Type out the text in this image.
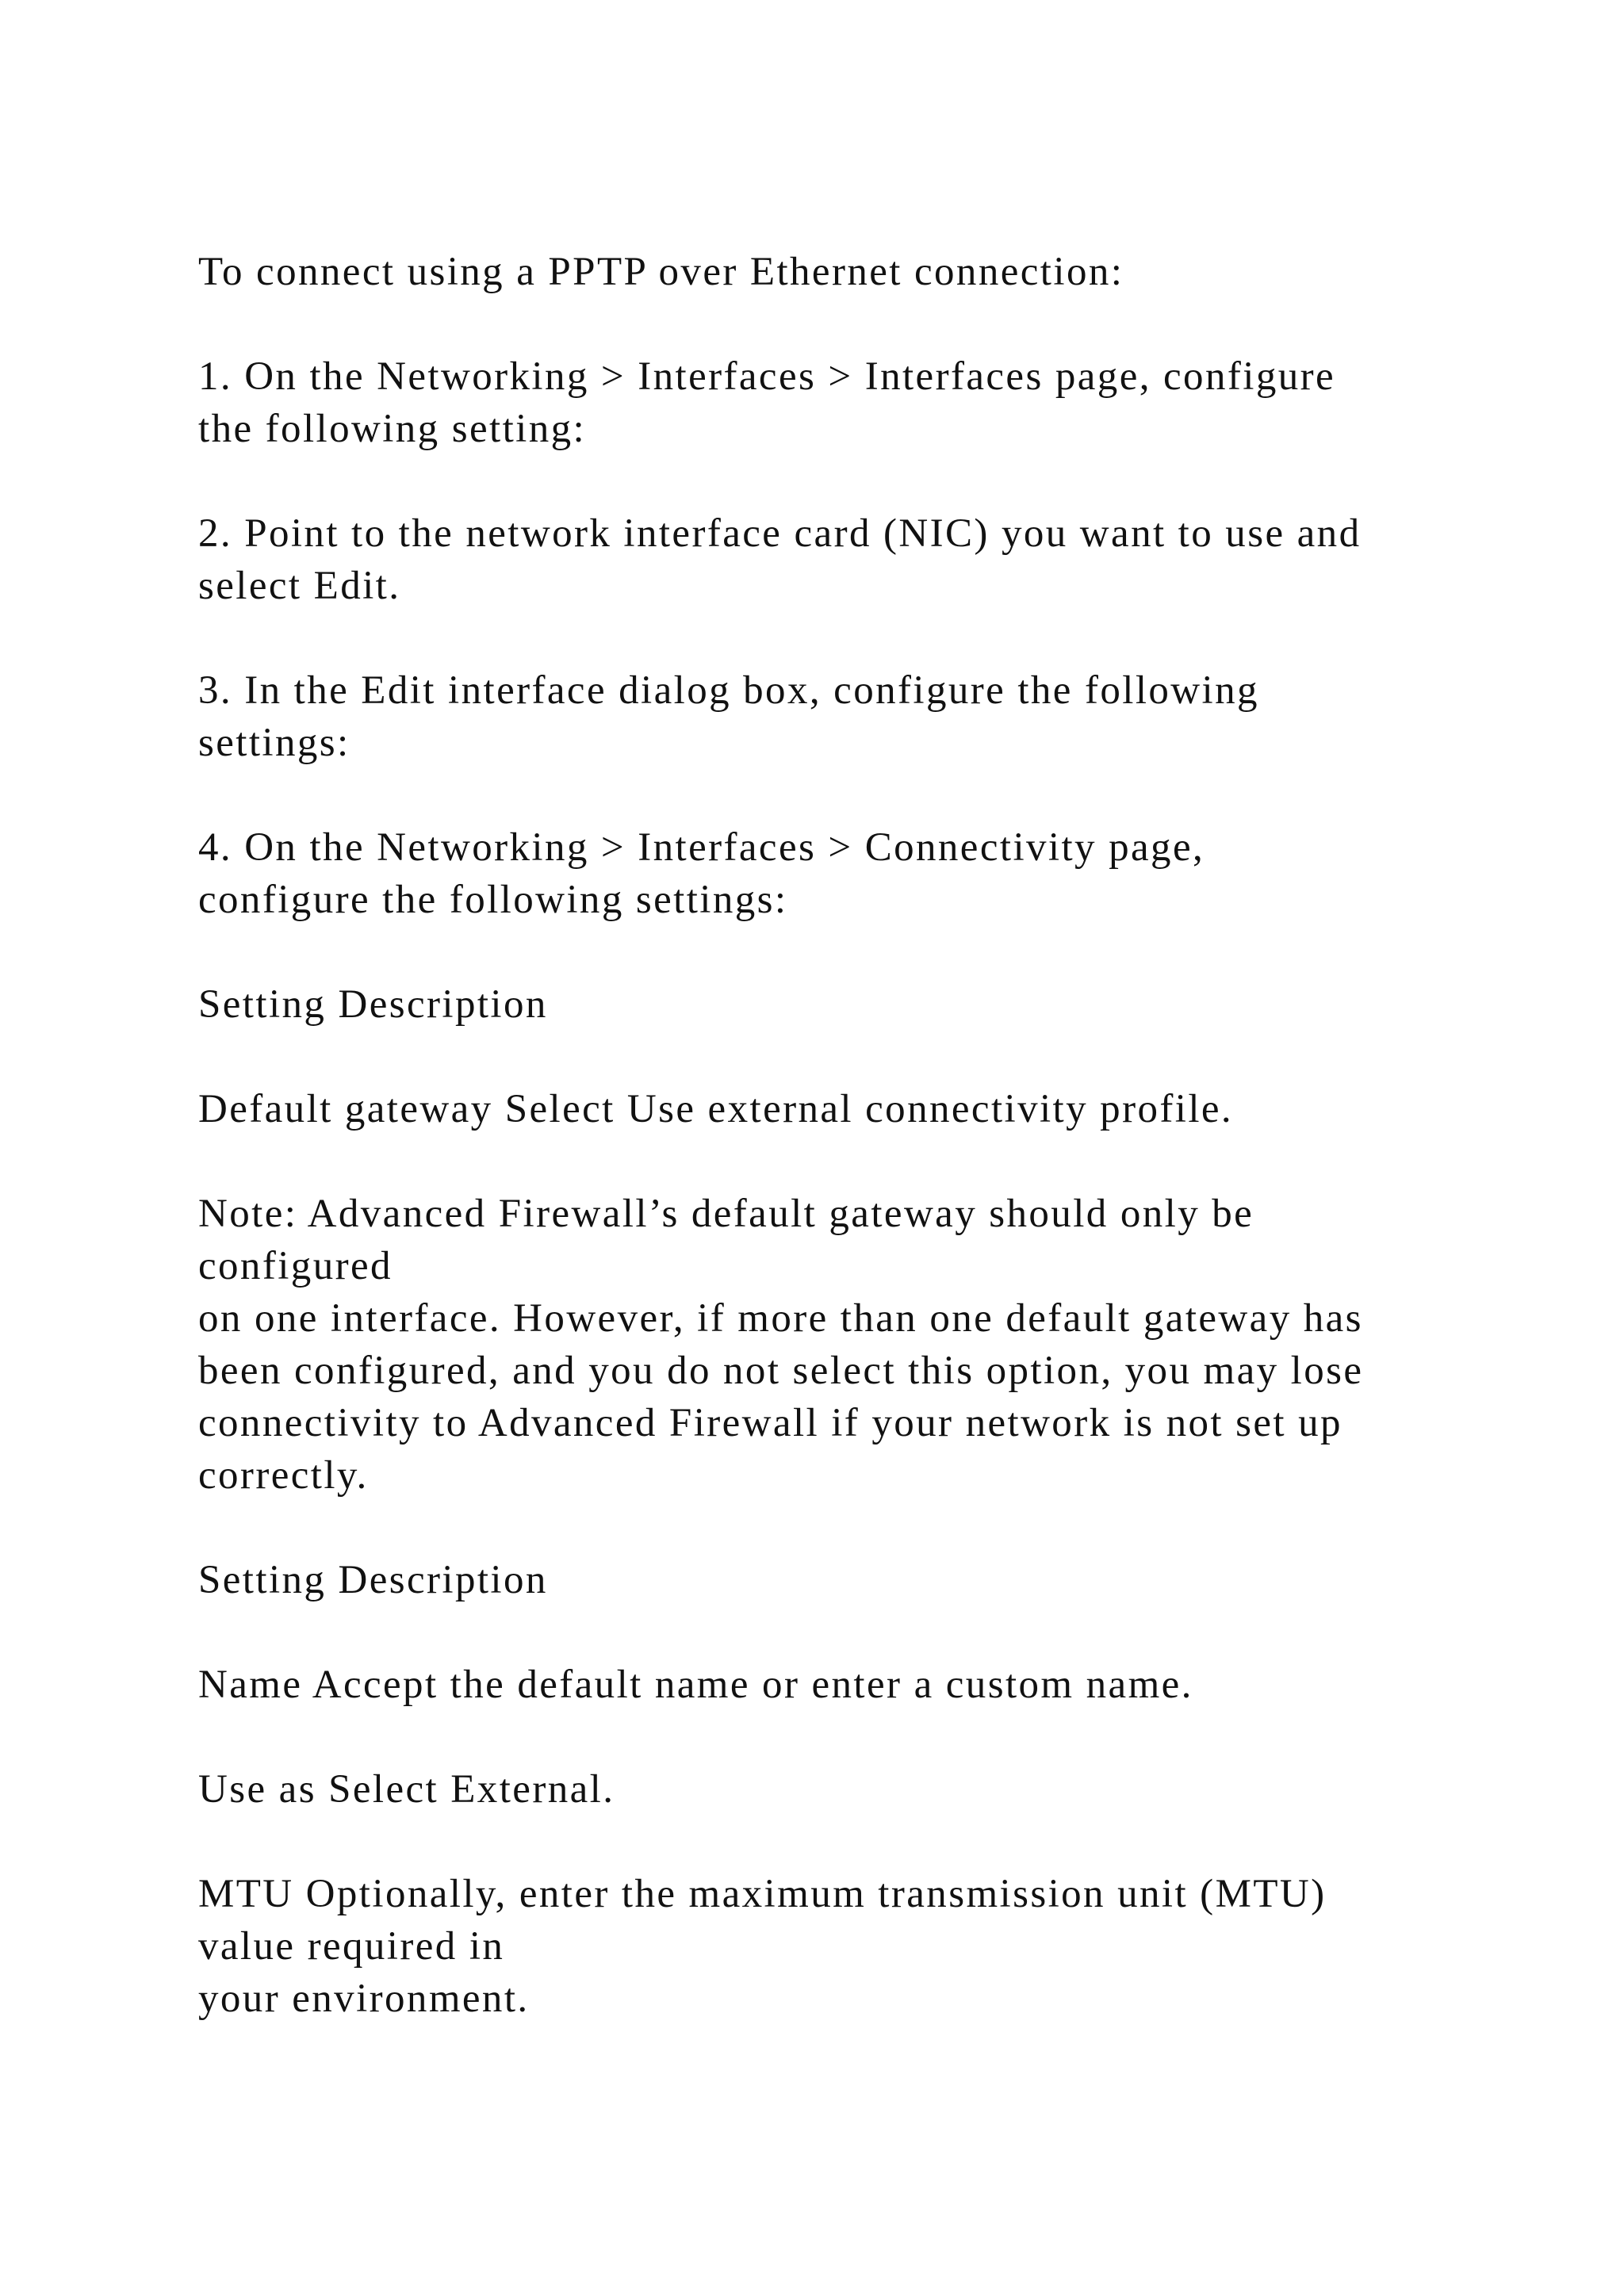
To connect using a PPTP over Ethernet connection:

1. On the Networking > Interfaces > Interfaces page, configure
the following setting:

2. Point to the network interface card (NIC) you want to use and
select Edit.

3. In the Edit interface dialog box, configure the following
settings:

4. On the Networking > Interfaces > Connectivity page,
configure the following settings:

Setting Description

Default gateway Select Use external connectivity profile.

Note: Advanced Firewall’s default gateway should only be
configured
on one interface. However, if more than one default gateway has
been configured, and you do not select this option, you may lose
connectivity to Advanced Firewall if your network is not set up
correctly.

Setting Description

Name Accept the default name or enter a custom name.

Use as Select External.

MTU Optionally, enter the maximum transmission unit (MTU)
value required in
your environment.
